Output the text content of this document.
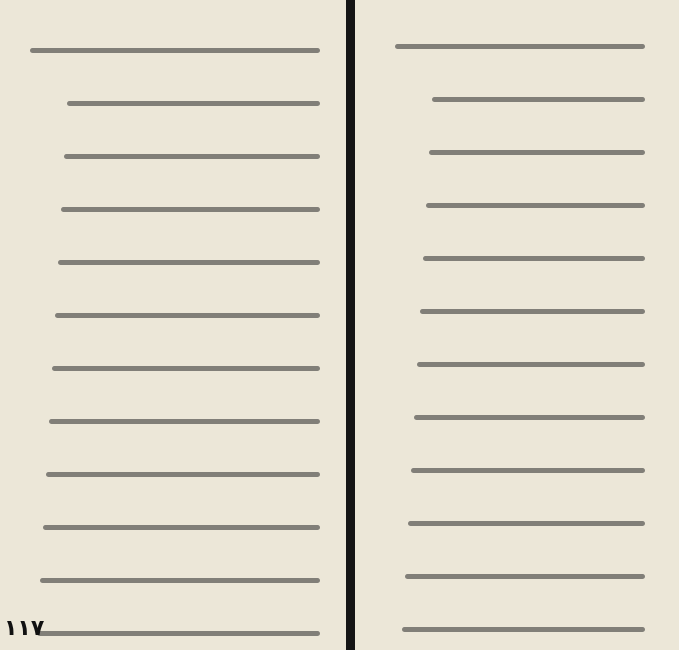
۱۱۷
